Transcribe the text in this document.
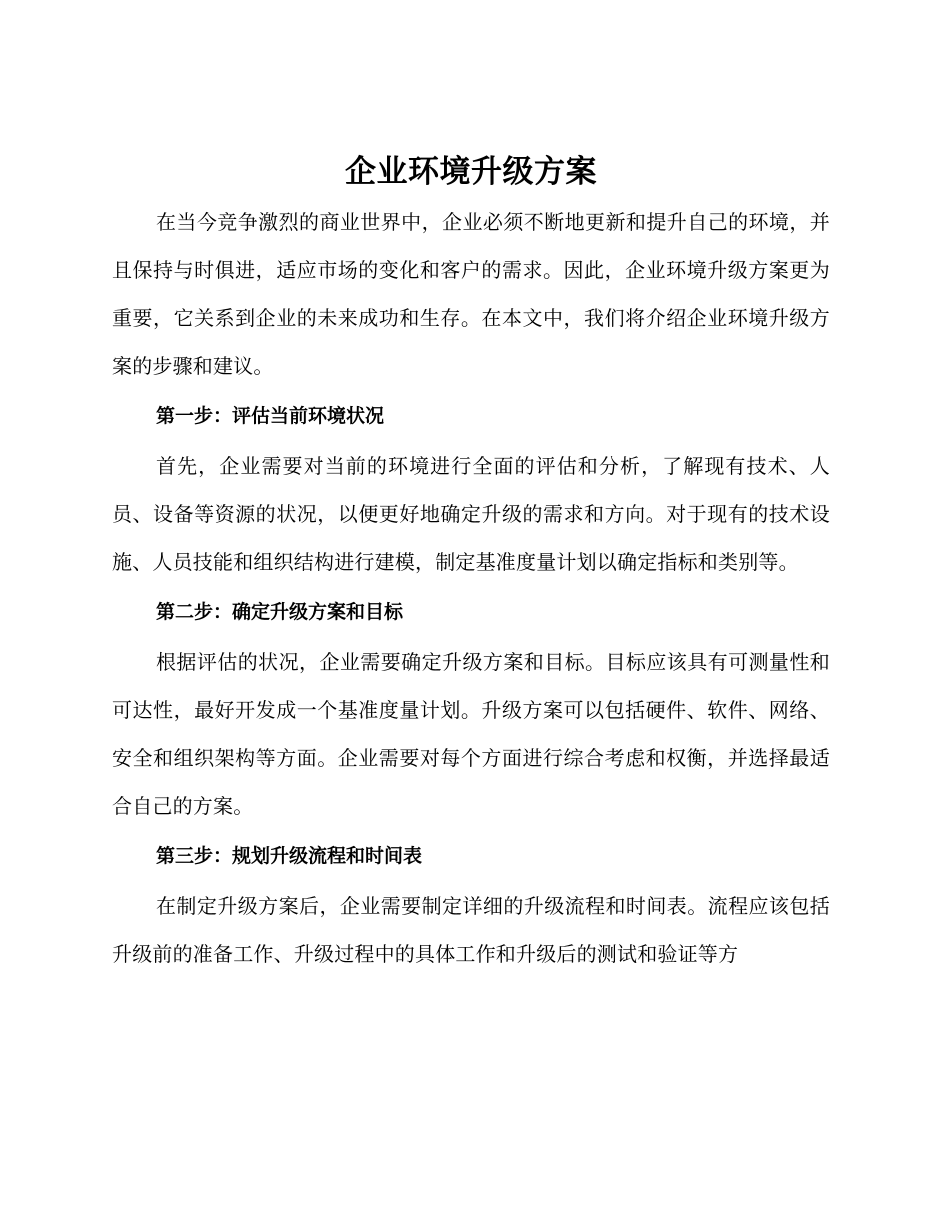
企业环境升级方案

在当今竞争激烈的商业世界中，企业必须不断地更新和提升自己的环境，并且保持与时俱进，适应市场的变化和客户的需求。因此，企业环境升级方案更为重要，它关系到企业的未来成功和生存。在本文中，我们将介绍企业环境升级方案的步骤和建议。

第一步：评估当前环境状况

首先，企业需要对当前的环境进行全面的评估和分析，了解现有技术、人员、设备等资源的状况，以便更好地确定升级的需求和方向。对于现有的技术设施、人员技能和组织结构进行建模，制定基准度量计划以确定指标和类别等。

第二步：确定升级方案和目标

根据评估的状况，企业需要确定升级方案和目标。目标应该具有可测量性和可达性，最好开发成一个基准度量计划。升级方案可以包括硬件、软件、网络、安全和组织架构等方面。企业需要对每个方面进行综合考虑和权衡，并选择最适合自己的方案。

第三步：规划升级流程和时间表

在制定升级方案后，企业需要制定详细的升级流程和时间表。流程应该包括升级前的准备工作、升级过程中的具体工作和升级后的测试和验证等方
